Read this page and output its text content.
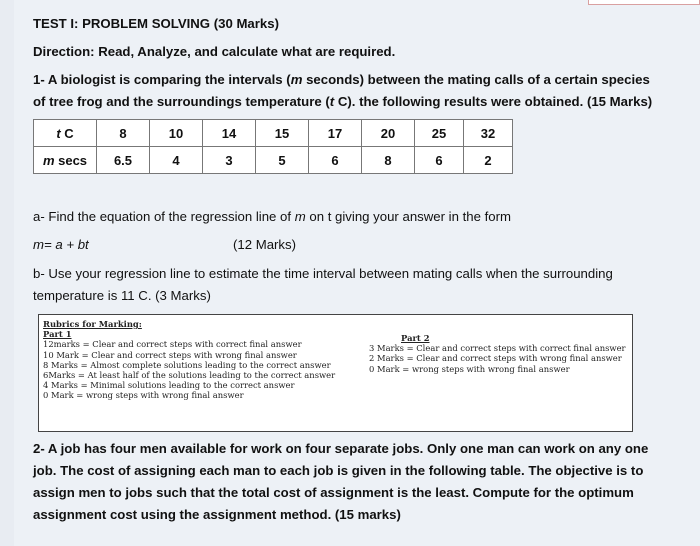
TEST I: PROBLEM SOLVING (30 Marks)
Direction: Read, Analyze, and calculate what are required.
1- A biologist is comparing the intervals (m seconds) between the mating calls of a certain species
of tree frog and the surroundings temperature (t C). the following results were obtained. (15 Marks)
t C	8	10	14	15	17	20	25	32
m secs	6.5	4	3	5	6	8	6	2
a- Find the equation of the regression line of m on t giving your answer in the form
m= a + bt	(12 Marks)
b- Use your regression line to estimate the time interval between mating calls when the surrounding
temperature is 11 C. (3 Marks)
Rubrics for Marking:
Part 1
12marks = Clear and correct steps with correct final answer
10 Mark = Clear and correct steps with wrong final answer
8 Marks = Almost complete solutions leading to the correct answer
6Marks = At least half of the solutions leading to the correct answer
4 Marks = Minimal solutions leading to the correct answer
0 Mark = wrong steps with wrong final answer
Part 2
3 Marks = Clear and correct steps with correct final answer
2 Marks = Clear and correct steps with wrong final answer
0 Mark = wrong steps with wrong final answer
2- A job has four men available for work on four separate jobs. Only one man can work on any one
job. The cost of assigning each man to each job is given in the following table. The objective is to
assign men to jobs such that the total cost of assignment is the least. Compute for the optimum
assignment cost using the assignment method. (15 marks)
